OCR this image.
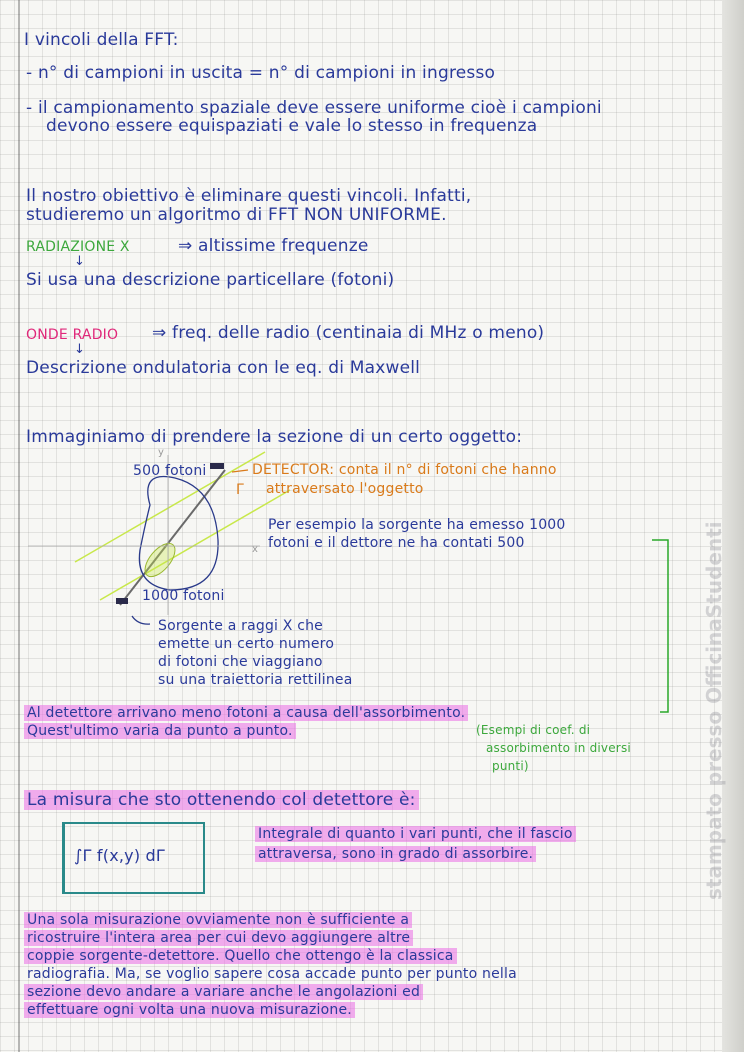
I vincoli della FFT:
- n° di campioni in uscita = n° di campioni in ingresso
- il campionamento spaziale deve essere uniforme cioè i campioni
devono essere equispaziati e vale lo stesso in frequenza
Il nostro obiettivo è eliminare questi vincoli. Infatti,
studieremo un algoritmo di FFT NON UNIFORME.
RADIAZIONE X	⇒ altissime frequenze
↓
Si usa una descrizione particellare (fotoni)
ONDE RADIO ⇒ freq. delle radio (centinaia di MHz o meno)
↓
Descrizione ondulatoria con le eq. di Maxwell
Immaginiamo di prendere la sezione di un certo oggetto:
500 fotoni
1000 fotoni
Γ
y
x
DETECTOR: conta il n° di fotoni che hanno
attraversato l'oggetto
Per esempio la sorgente ha emesso 1000
fotoni e il dettore ne ha contati 500
Sorgente a raggi X che
emette un certo numero
di fotoni che viaggiano
su una traiettoria rettilinea
Al detettore arrivano meno fotoni a causa dell'assorbimento.
Quest'ultimo varia da punto a punto.	(Esempi di coef. di
assorbimento in diversi
punti)
La misura che sto ottenendo col detettore è:
∫Γ f(x,y) dΓ
Integrale di quanto i vari punti, che il fascio
attraversa, sono in grado di assorbire.
Una sola misurazione ovviamente non è sufficiente a
ricostruire l'intera area per cui devo aggiungere altre
coppie sorgente-detettore. Quello che ottengo è la classica
radiografia. Ma, se voglio sapere cosa accade punto per punto nella
sezione devo andare a variare anche le angolazioni ed
effettuare ogni volta una nuova misurazione.
stampato presso OfficinaStudenti
